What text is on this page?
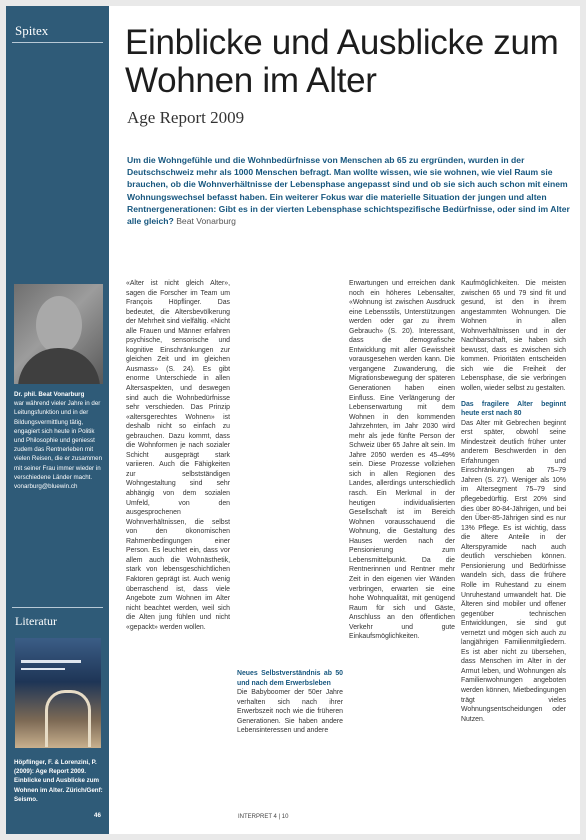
Spitex
Dr. phil. Beat Vonarburg
war während vieler Jahre in der Leitungsfunktion und in der Bildungsvermittlung tätig, engagiert sich heute in Politik und Philosophie und geniesst zudem das Rentnerleben mit vielen Reisen, die er zusammen mit seiner Frau immer wieder in verschiedene Länder macht.
vonarburg@bluewin.ch
Literatur
Höpflinger, F. & Lorenzini, P. (2009): Age Report 2009. Einblicke und Ausblicke zum Wohnen im Alter. Zürich/Genf: Seismo.
46
Einblicke und Ausblicke zum Wohnen im Alter
Age Report 2009
Um die Wohngefühle und die Wohnbedürfnisse von Menschen ab 65 zu ergründen, wurden in der Deutschschweiz mehr als 1000 Menschen befragt. Man wollte wissen, wie sie wohnen, wie viel Raum sie brauchen, ob die Wohnverhältnisse der Lebensphase angepasst sind und ob sie sich auch schon mit einem Wohnungswechsel befasst haben. Ein weiterer Fokus war die materielle Situation der jungen und alten Rentnergenerationen: Gibt es in der vierten Lebensphase schichtspezifische Bedürfnisse, oder sind im Alter alle gleich? Beat Vonarburg

«Alter ist nicht gleich Alter», sagen die Forscher im Team um François Höpflinger. Das bedeutet, die Altersbevölkerung der Mehrheit sind vielfältig. «Nicht alle Frauen und Männer erfahren psychische, sensorische und kognitive Einschränkungen zur gleichen Zeit und im gleichen Ausmass» (S. 24). Es gibt enorme Unterschiede in allen Altersaspekten, und deswegen sind auch die Wohnbedürfnisse sehr verschieden. Das Prinzip «altersgerechtes Wohnen» ist deshalb nicht so einfach zu gebrauchen. Dazu kommt, dass die Wohnformen je nach sozialer Schicht ausgeprägt stark variieren. Auch die Fähigkeiten zur selbstständigen Wohngestaltung sind sehr abhängig von dem sozialen Umfeld, von den ausgesprochenen Wohnverhältnissen, die selbst von den ökonomischen Rahmenbedingungen einer Person. Es leuchtet ein, dass vor allem auch die Wohnästhetik, stark von lebensgeschichtlichen Faktoren geprägt ist. Auch wenig überraschend ist, dass viele Angebote zum Wohnen im Alter nicht beachtet werden, weil sich die Alten jung fühlen und nicht «gepackt» werden wollen.

Neues Selbstverständnis ab 50 und nach dem Erwerbsleben

Die Babyboomer der 50er Jahre verhalten sich nach ihrer Erwerbszeit noch wie die früheren Generationen. Sie haben andere Lebensinteressen und andere

Erwartungen und erreichen dank noch ein höheres Lebensalter, «Wohnung ist zwischen Ausdruck eine Lebensstils, Unterstützungen werden oder gar zu ihrem Gebrauch» (S. 20). Interessant, dass die demografische Entwicklung mit aller Gewissheit vorausgesehen werden kann. Die vergangene Zuwanderung, die Migrationsbewegung der späteren Generationen haben einen Einfluss. Eine Verlängerung der Lebenserwartung mit dem Wohnen in den kommenden Jahrzehnten, im Jahr 2030 wird mehr als jede fünfte Person der Schweiz über 65 Jahre alt sein. Im Jahre 2050 werden es 45–49% sein. Diese Prozesse vollziehen sich in allen Regionen des Landes, allerdings unterschiedlich rasch. Ein Merkmal in der heutigen individualisierten Gesellschaft ist im Bereich Wohnen vorausschauend die Wohnung, die Gestaltung des Hauses werden nach der Pensionierung zum Lebensmittelpunkt. Da die Rentnerinnen und Rentner mehr Zeit in den eigenen vier Wänden verbringen, erwarten sie eine hohe Wohnqualität, mit genügend Raum für sich und Gäste, Anschluss an den öffentlichen Verkehr und gute Einkaufsmöglichkeiten.

Kaufmöglichkeiten. Die meisten zwischen 65 und 79 sind fit und gesund, ist den in ihrem angestammten Wohnungen. Die Wohnen in allen Wohnverhältnissen und in der Nachbarschaft, sie haben sich bewusst, dass es zwischen sich kommen. Prioritäten entscheiden sich wie die Freiheit der Lebensphase, die sie verbringen wollen, wieder selbst zu gestalten.

Das fragilere Alter beginnt heute erst nach 80

Das Alter mit Gebrechen beginnt erst später, obwohl seine Mindestzeit deutlich früher unter anderem Beschwerden in den Erfahrungen und Einschränkungen ab 75–79 Jahren (S. 27). Weniger als 10% im Altersegment 75–79 sind pflegebedürftig. Erst 20% sind dies über 80-84-Jährigen, und bei den Über-85-Jährigen sind es nur 13% Pflege. Es ist wichtig, dass die ältere Anteile in der Alterspyramide nach auch deutlich verschieben können. Pensionierung und Bedürfnisse wandeln sich, dass die frühere Rolle im Ruhestand zu einem Unruhestand umwandelt hat. Die Älteren sind mobiler und offener gegenüber technischen Entwicklungen, sie sind gut vernetzt und mögen sich auch zu langjährigen Familienmitgliedern. Es ist aber nicht zu übersehen, dass Menschen im Alter in der Armut leben, und Wohnungen als Familienwohnungen angeboten werden können, Mietbedingungen trägt vieles Wohnungsentscheidungen oder Nutzen.

INTERPRET 4 | 10
